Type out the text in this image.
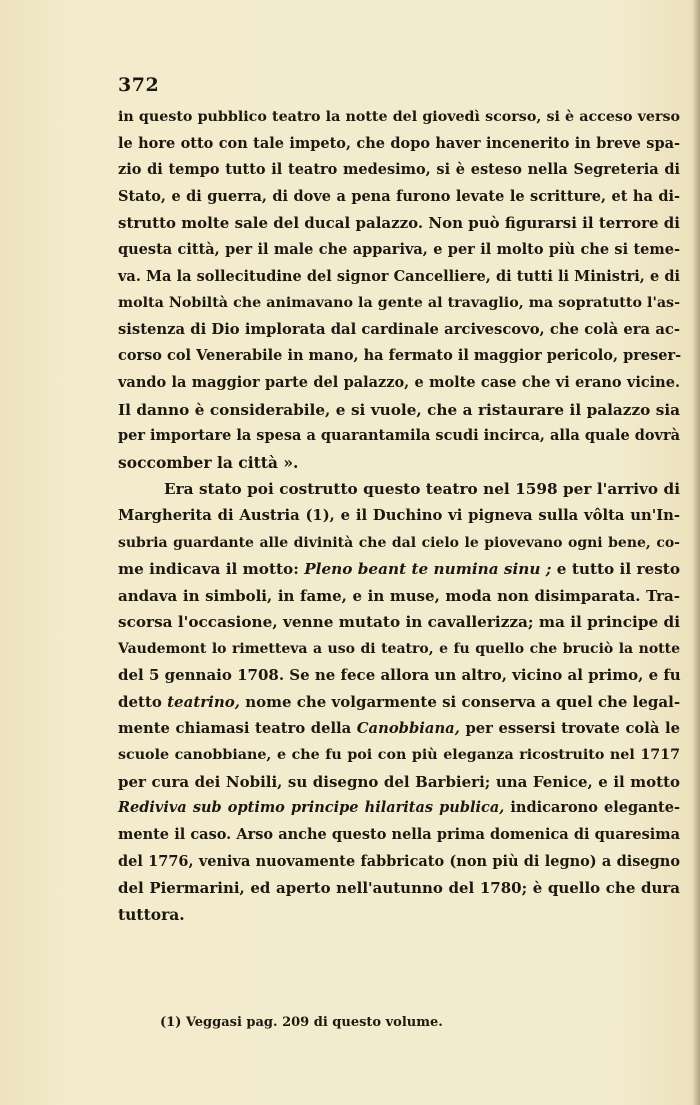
372
in questo pubblico teatro la notte del giovedì scorso, si è acceso verso
le hore otto con tale impeto, che dopo haver incenerito in breve spa-
zio di tempo tutto il teatro medesimo, si è esteso nella Segreteria di
Stato, e di guerra, di dove a pena furono levate le scritture, et ha di-
strutto molte sale del ducal palazzo. Non può figurarsi il terrore di
questa città, per il male che appariva, e per il molto più che si teme-
va. Ma la sollecitudine del signor Cancelliere, di tutti li Ministri, e di
molta Nobiltà che animavano la gente al travaglio, ma sopratutto l'as-
sistenza di Dio implorata dal cardinale arcivescovo, che colà era ac-
corso col Venerabile in mano, ha fermato il maggior pericolo, preser-
vando la maggior parte del palazzo, e molte case che vi erano vicine.
Il danno è considerabile, e si vuole, che a ristaurare il palazzo sia
per importare la spesa a quarantamila scudi incirca, alla quale dovrà
soccomber la città ».
Era stato poi costrutto questo teatro nel 1598 per l'arrivo di
Margherita di Austria (1), e il Duchino vi pigneva sulla vôlta un'In-
subria guardante alle divinità che dal cielo le piovevano ogni bene, co-
me indicava il motto: Pleno beant te numina sinu ; e tutto il resto
andava in simboli, in fame, e in muse, moda non disimparata. Tra-
scorsa l'occasione, venne mutato in cavallerizza; ma il principe di
Vaudemont lo rimetteva a uso di teatro, e fu quello che bruciò la notte
del 5 gennaio 1708. Se ne fece allora un altro, vicino al primo, e fu
detto teatrino, nome che volgarmente si conserva a quel che legal-
mente chiamasi teatro della Canobbiana, per essersi trovate colà le
scuole canobbiane, e che fu poi con più eleganza ricostruito nel 1717
per cura dei Nobili, su disegno del Barbieri; una Fenice, e il motto
Rediviva sub optimo principe hilaritas publica, indicarono elegante-
mente il caso. Arso anche questo nella prima domenica di quaresima
del 1776, veniva nuovamente fabbricato (non più di legno) a disegno
del Piermarini, ed aperto nell'autunno del 1780; è quello che dura
tuttora.
(1) Veggasi pag. 209 di questo volume.
